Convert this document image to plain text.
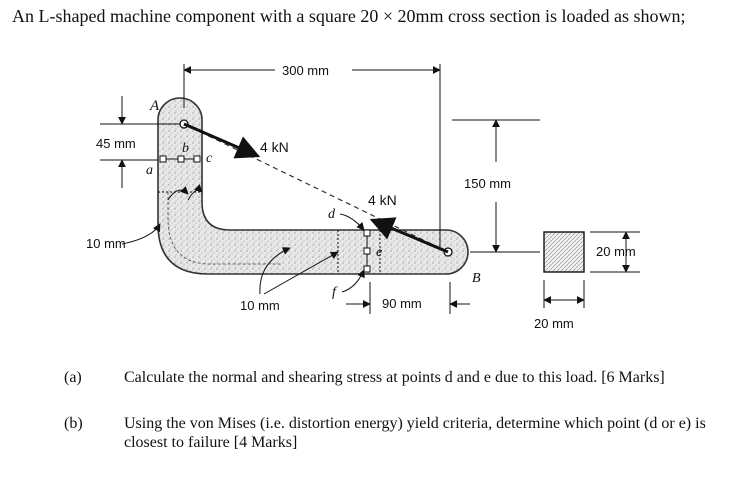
An L-shaped machine component with a square 20 × 20mm cross section is loaded as shown;
300 mm
45 mm
150 mm
90 mm
10 mm
10 mm
20 mm
20 mm
4 kN
4 kN
A
B
a
b
c
d
e
f
(a)	Calculate the normal and shearing stress at points d and e due to this load. [6 Marks]
(b)	Using the von Mises (i.e. distortion energy) yield criteria, determine which point (d or e) is closest to failure [4 Marks]
